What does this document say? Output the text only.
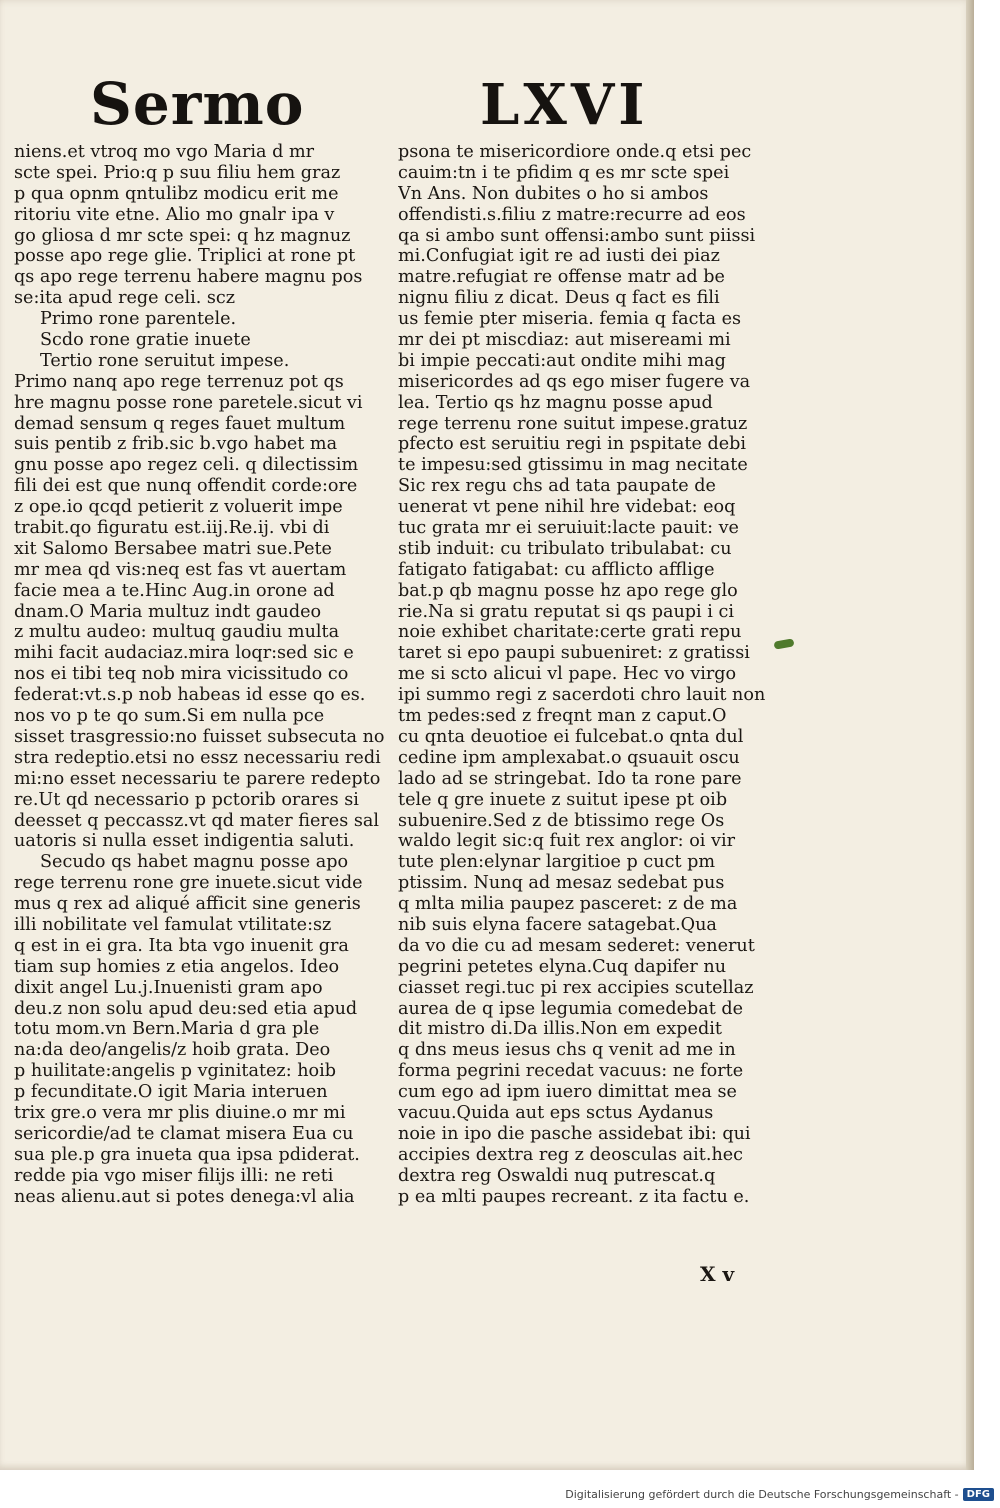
Sermo	LXVI
niens.et vtroq mo vgo Maria d mr
scte spei. Prio:q p suu filiu hem graz
p qua opnm qntulibz modicu erit me
ritoriu vite etne. Alio mo gnalr ipa v
go gliosa d mr scte spei: q hz magnuz
posse apo rege glie. Triplici at rone pt
qs apo rege terrenu habere magnu pos
se:ita apud rege celi. scz
Primo rone parentele.
Scdo rone gratie inuete
Tertio rone seruitut impese.
Primo nanq apo rege terrenuz pot qs
hre magnu posse rone paretele.sicut vi
demad sensum q reges fauet multum
suis pentib z frib.sic b.vgo habet ma
gnu posse apo regez celi. q dilectissim
fili dei est que nunq offendit corde:ore
z ope.io qcqd petierit z voluerit impe
trabit.qo figuratu est.iij.Re.ij. vbi di
xit Salomo Bersabee matri sue.Pete
mr mea qd vis:neq est fas vt auertam
facie mea a te.Hinc Aug.in orone ad
dnam.O Maria multuz indt gaudeo
z multu audeo: multuq gaudiu multa
mihi facit audaciaz.mira loqr:sed sic e
nos ei tibi teq nob mira vicissitudo co
federat:vt.s.p nob habeas id esse qo es.
nos vo p te qo sum.Si em nulla pce
sisset trasgressio:no fuisset subsecuta no
stra redeptio.etsi no essz necessariu redi
mi:no esset necessariu te parere redepto
re.Ut qd necessario p pctorib orares si
deesset q peccassz.vt qd mater fieres sal
uatoris si nulla esset indigentia saluti.
Secudo qs habet magnu posse apo
rege terrenu rone gre inuete.sicut vide
mus q rex ad aliqué afficit sine generis
illi nobilitate vel famulat vtilitate:sz
q est in ei gra. Ita bta vgo inuenit gra
tiam sup homies z etia angelos. Ideo
dixit angel Lu.j.Inuenisti gram apo
deu.z non solu apud deu:sed etia apud
totu mom.vn Bern.Maria d gra ple
na:da deo/angelis/z hoib grata. Deo
p huilitate:angelis p vginitatez: hoib
p fecunditate.O igit Maria interuen
trix gre.o vera mr plis diuine.o mr mi
sericordie/ad te clamat misera Eua cu
sua ple.p gra inueta qua ipsa pdiderat.
redde pia vgo miser filijs illi: ne reti
neas alienu.aut si potes denega:vl alia
psona te misericordiore onde.q etsi pec
cauim:tn i te pfidim q es mr scte spei
Vn Ans. Non dubites o ho si ambos
offendisti.s.filiu z matre:recurre ad eos
qa si ambo sunt offensi:ambo sunt piissi
mi.Confugiat igit re ad iusti dei piaz
matre.refugiat re offense matr ad be
nignu filiu z dicat. Deus q fact es fili
us femie pter miseria. femia q facta es
mr dei pt miscdiaz: aut misereami mi
bi impie peccati:aut ondite mihi mag
misericordes ad qs ego miser fugere va
lea. Tertio qs hz magnu posse apud
rege terrenu rone suitut impese.gratuz
pfecto est seruitiu regi in pspitate debi
te impesu:sed gtissimu in mag necitate
Sic rex regu chs ad tata paupate de
uenerat vt pene nihil hre videbat: eoq
tuc grata mr ei seruiuit:lacte pauit: ve
stib induit: cu tribulato tribulabat: cu
fatigato fatigabat: cu afflicto afflige
bat.p qb magnu posse hz apo rege glo
rie.Na si gratu reputat si qs paupi i ci
noie exhibet charitate:certe grati repu
taret si epo paupi subueniret: z gratissi
me si scto alicui vl pape. Hec vo virgo
ipi summo regi z sacerdoti chro lauit non
tm pedes:sed z freqnt man z caput.O
cu qnta deuotioe ei fulcebat.o qnta dul
cedine ipm amplexabat.o qsuauit oscu
lado ad se stringebat. Ido ta rone pare
tele q gre inuete z suitut ipese pt oib
subuenire.Sed z de btissimo rege Os
waldo legit sic:q fuit rex anglor: oi vir
tute plen:elynar largitioe p cuct pm
ptissim. Nunq ad mesaz sedebat pus
q mlta milia paupez pasceret: z de ma
nib suis elyna facere satagebat.Qua
da vo die cu ad mesam sederet: venerut
pegrini petetes elyna.Cuq dapifer nu
ciasset regi.tuc pi rex accipies scutellaz
aurea de q ipse legumia comedebat de
dit mistro di.Da illis.Non em expedit
q dns meus iesus chs q venit ad me in
forma pegrini recedat vacuus: ne forte
cum ego ad ipm iuero dimittat mea se
vacuu.Quida aut eps sctus Aydanus
noie in ipo die pasche assidebat ibi: qui
accipies dextra reg z deosculas ait.hec
dextra reg Oswaldi nuq putrescat.q
p ea mlti paupes recreant. z ita factu e.
X v
Digitalisierung gefördert durch die Deutsche Forschungsgemeinschaft - DFG
